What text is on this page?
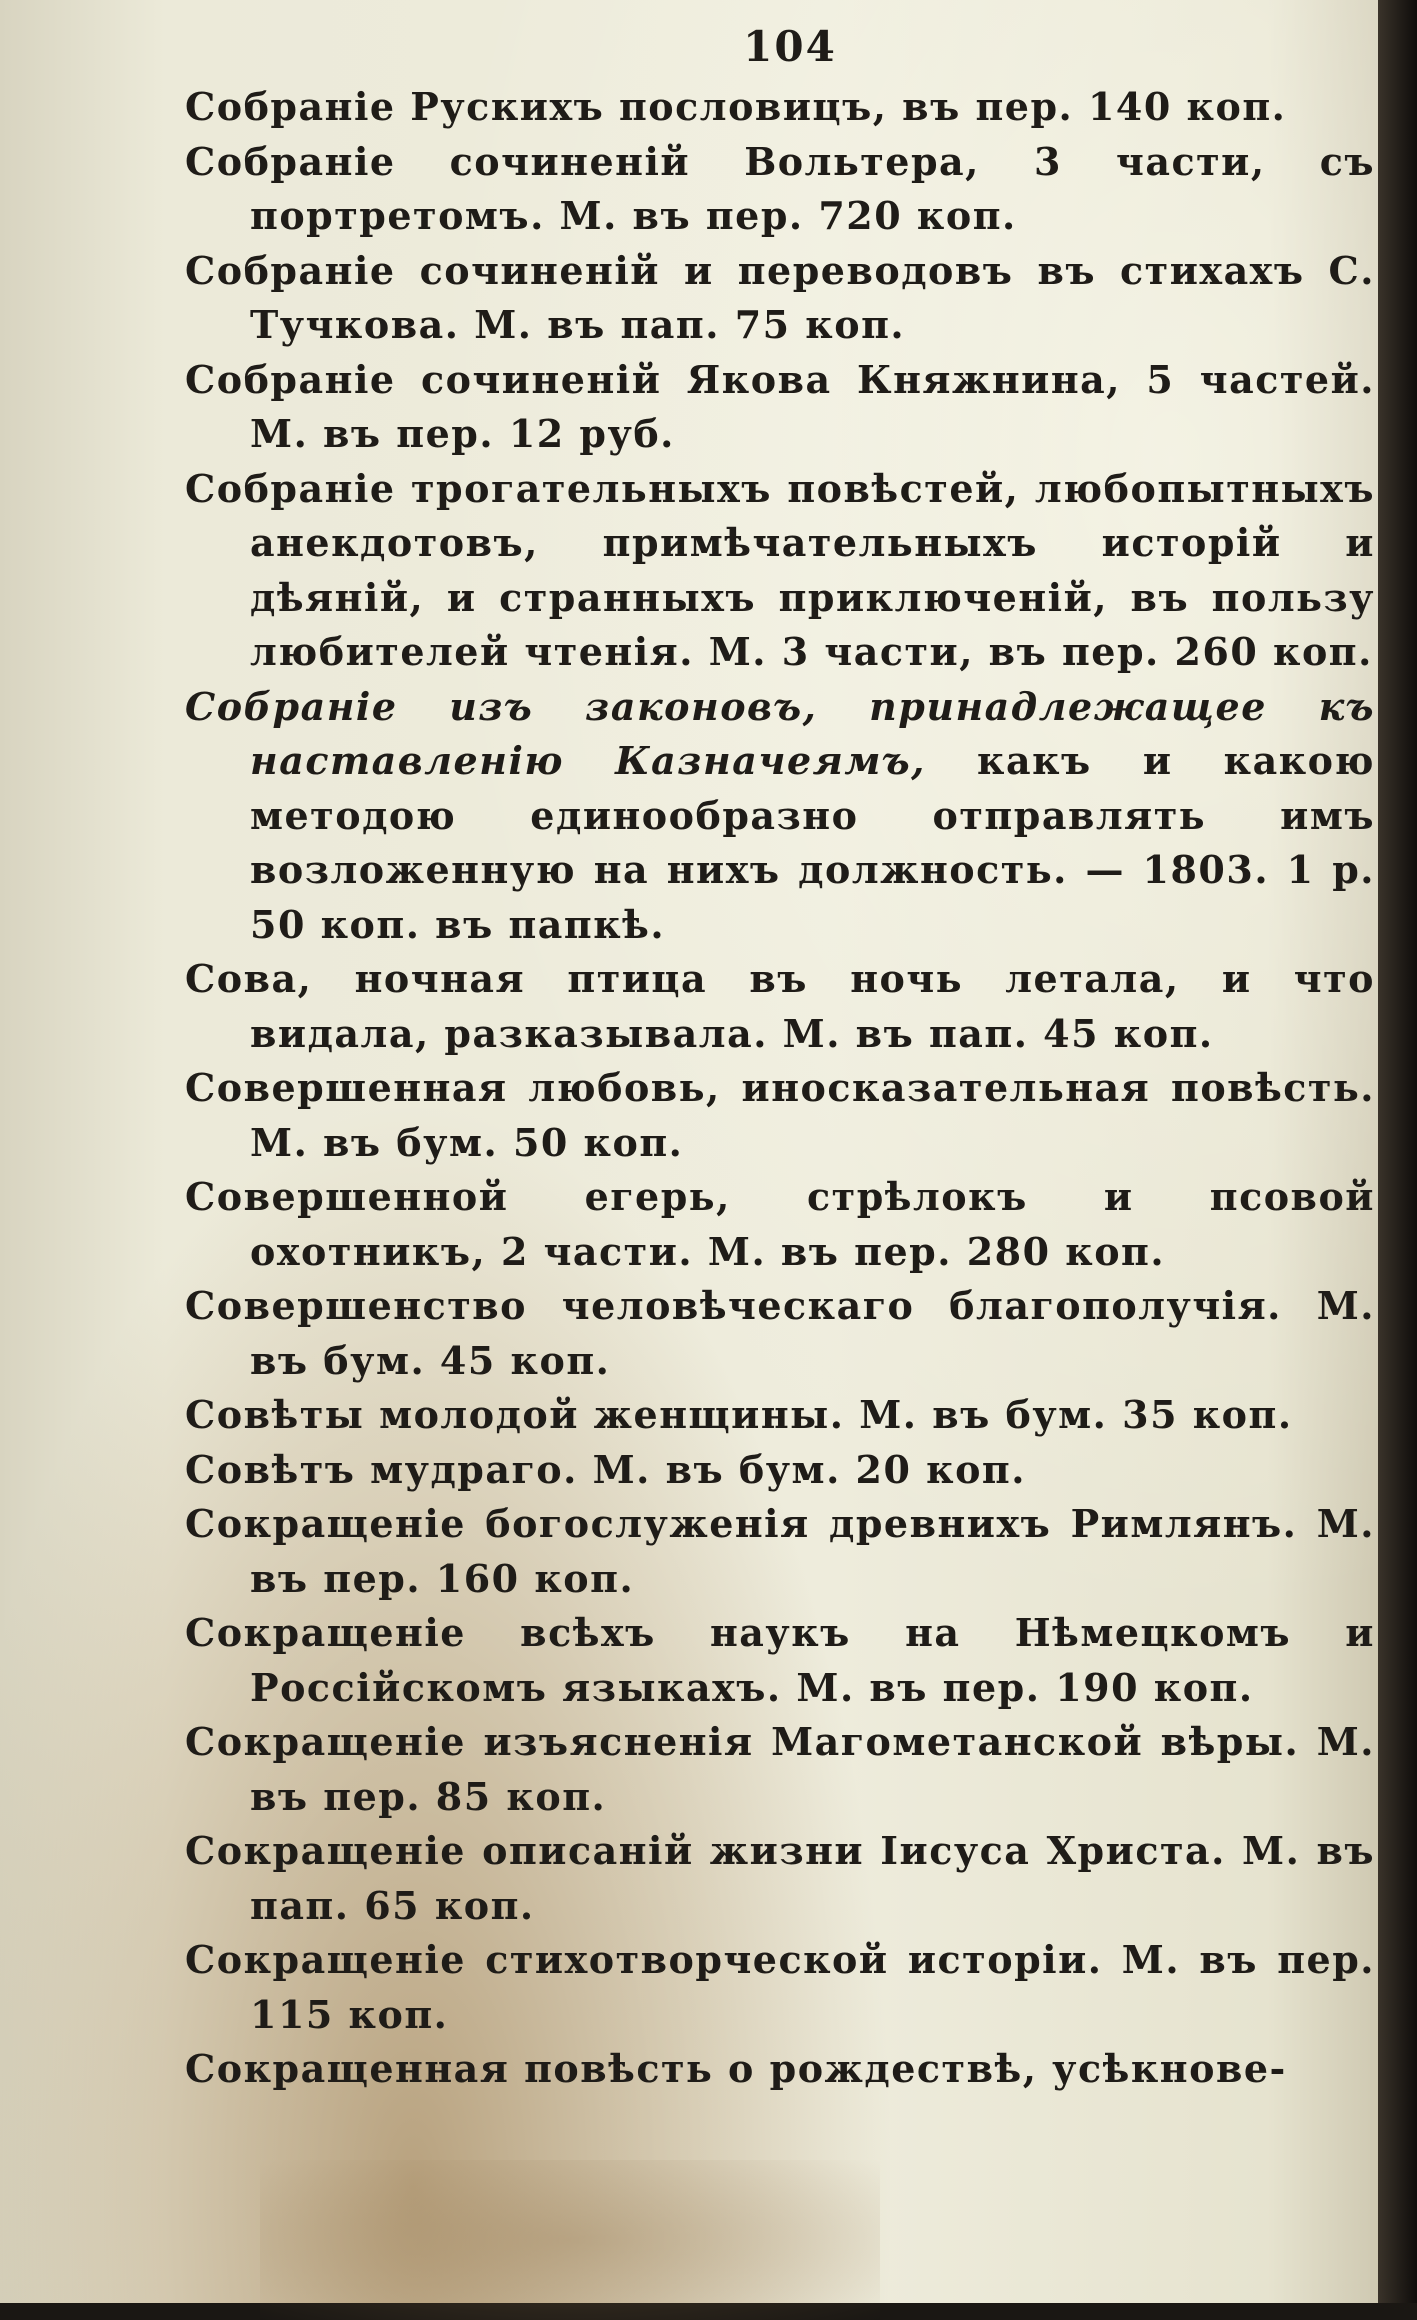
104

Собраніе Рускихъ пословицъ, въ пер. 140 коп.

Собраніе сочиненій Вольтера, 3 части, съ портретомъ. М. въ пер. 720 коп.

Собраніе сочиненій и переводовъ въ стихахъ С. Тучкова. М. въ пап. 75 коп.

Собраніе сочиненій Якова Княжнина, 5 частей. М. въ пер. 12 руб.

Собраніе трогательныхъ повѣстей, любопытныхъ анекдотовъ, примѣчательныхъ исторій и дѣяній, и странныхъ приключеній, въ пользу любителей чтенія. М. 3 части, въ пер. 260 коп.

Собраніе изъ законовъ, принадлежащее къ наставленію Казначеямъ, какъ и какою методою единообразно отправлять имъ возложенную на нихъ должность. — 1803. 1 р. 50 коп. въ папкѣ.

Сова, ночная птица въ ночь летала, и что видала, разказывала. М. въ пап. 45 коп.

Совершенная любовь, иносказательная повѣсть. М. въ бум. 50 коп.

Совершенной егерь, стрѣлокъ и псовой охотникъ, 2 части. М. въ пер. 280 коп.

Совершенство человѣческаго благополучія. М. въ бум. 45 коп.

Совѣты молодой женщины. М. въ бум. 35 коп.

Совѣтъ мудраго. М. въ бум. 20 коп.

Сокращеніе богослуженія древнихъ Римлянъ. М. въ пер. 160 коп.

Сокращеніе всѣхъ наукъ на Нѣмецкомъ и Россійскомъ языкахъ. М. въ пер. 190 коп.

Сокращеніе изъясненія Магометанской вѣры. М. въ пер. 85 коп.

Сокращеніе описаній жизни Іисуса Христа. М. въ пап. 65 коп.

Сокращеніе стихотворческой исторіи. М. въ пер. 115 коп.

Сокращенная повѣсть о рождествѣ, усѣкнове-
